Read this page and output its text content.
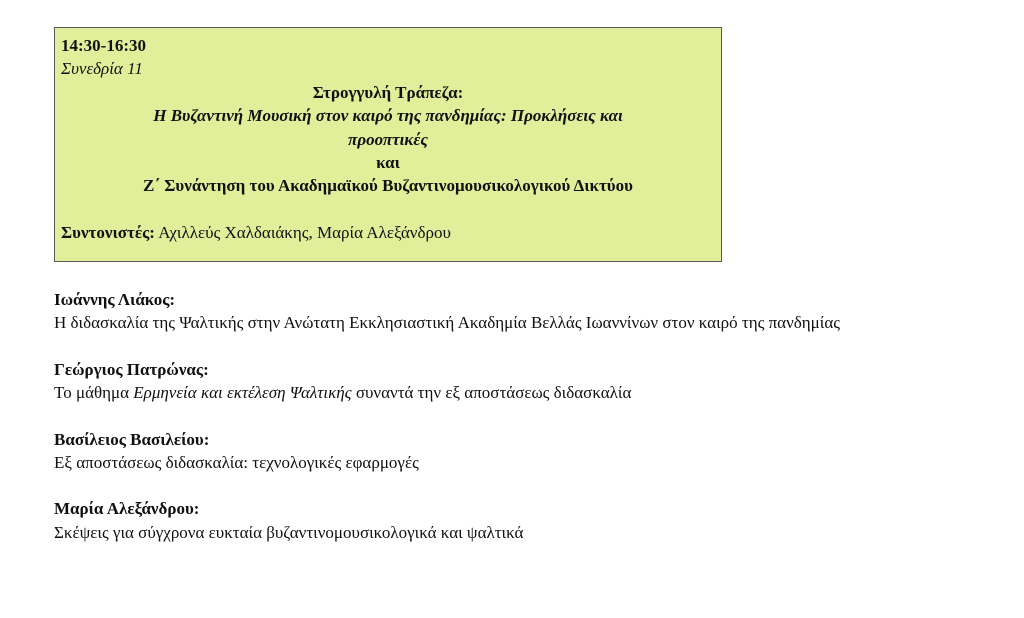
14:30-16:30
Συνεδρία 11
Στρογγυλή Τράπεζα:
Η Βυζαντινή Μουσική στον καιρό της πανδημίας: Προκλήσεις και
προοπτικές
και
Ζ΄ Συνάντηση του Ακαδημαϊκού Βυζαντινομουσικολογικού Δικτύου
Συντονιστές: Αχιλλεύς Χαλδαιάκης, Μαρία Αλεξάνδρου
Ιωάννης Λιάκος:
Η διδασκαλία της Ψαλτικής στην Ανώτατη Εκκλησιαστική Ακαδημία Βελλάς Ιωαννίνων στον καιρό της πανδημίας
Γεώργιος Πατρώνας:
Το μάθημα Ερμηνεία και εκτέλεση Ψαλτικής συναντά την εξ αποστάσεως διδασκαλία
Βασίλειος Βασιλείου:
Εξ αποστάσεως διδασκαλία: τεχνολογικές εφαρμογές
Μαρία Αλεξάνδρου:
Σκέψεις για σύγχρονα ευκταία βυζαντινομουσικολογικά και ψαλτικά
